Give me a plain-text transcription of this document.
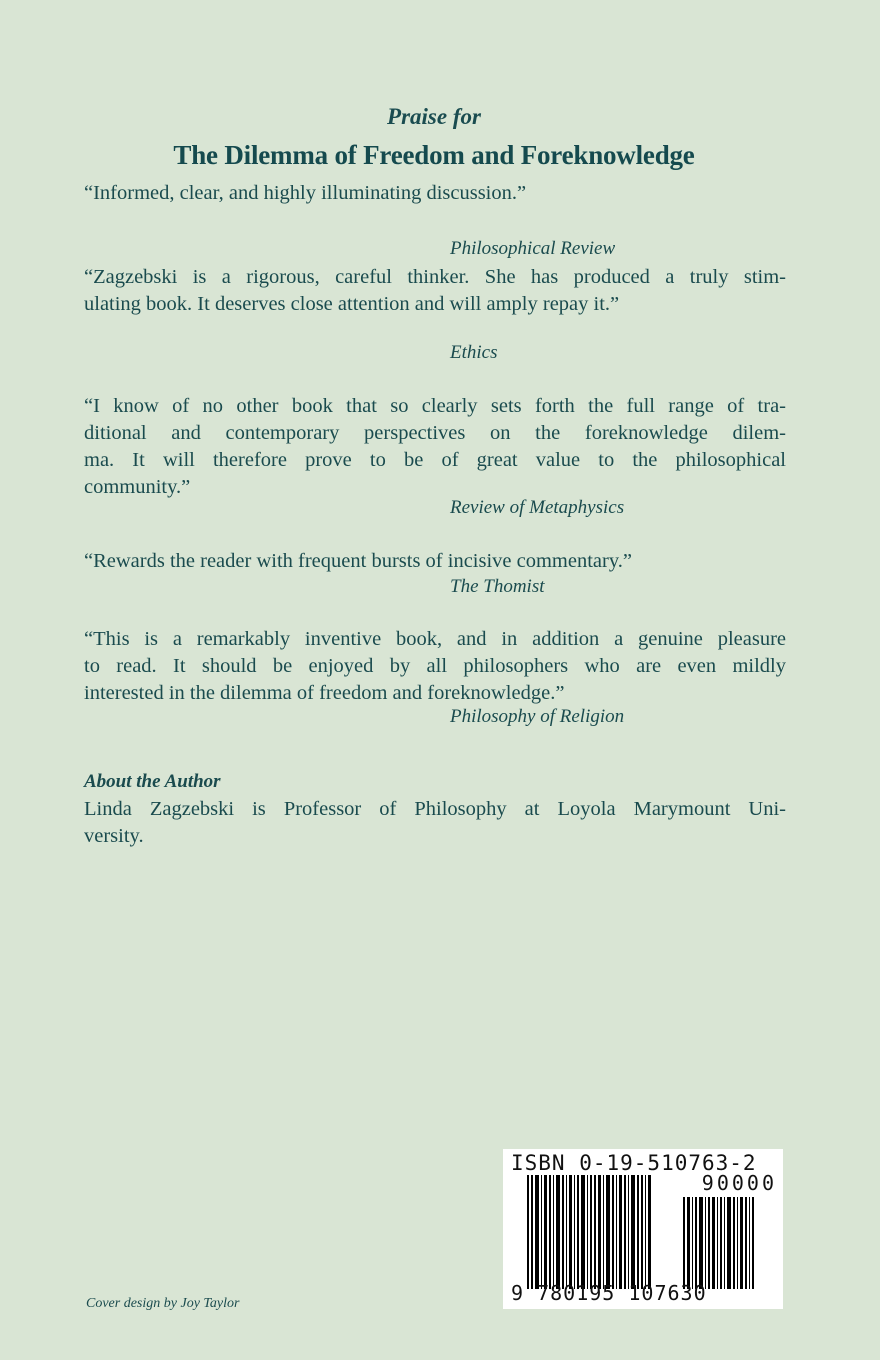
Praise for
The Dilemma of Freedom and Foreknowledge
“Informed, clear, and highly illuminating discussion.”
Philosophical Review
“Zagzebski is a rigorous, careful thinker. She has produced a truly stim-
ulating book. It deserves close attention and will amply repay it.”
Ethics
“I know of no other book that so clearly sets forth the full range of tra-
ditional and contemporary perspectives on the foreknowledge dilem-
ma. It will therefore prove to be of great value to the philosophical
community.”
Review of Metaphysics
“Rewards the reader with frequent bursts of incisive commentary.”
The Thomist
“This is a remarkably inventive book, and in addition a genuine pleasure
to read. It should be enjoyed by all philosophers who are even mildly
interested in the dilemma of freedom and foreknowledge.”
Philosophy of Religion
About the Author
Linda Zagzebski is Professor of Philosophy at Loyola Marymount Uni-
versity.
ISBN 0-19-510763-2
90000
9 780195 107630
Cover design by Joy Taylor
